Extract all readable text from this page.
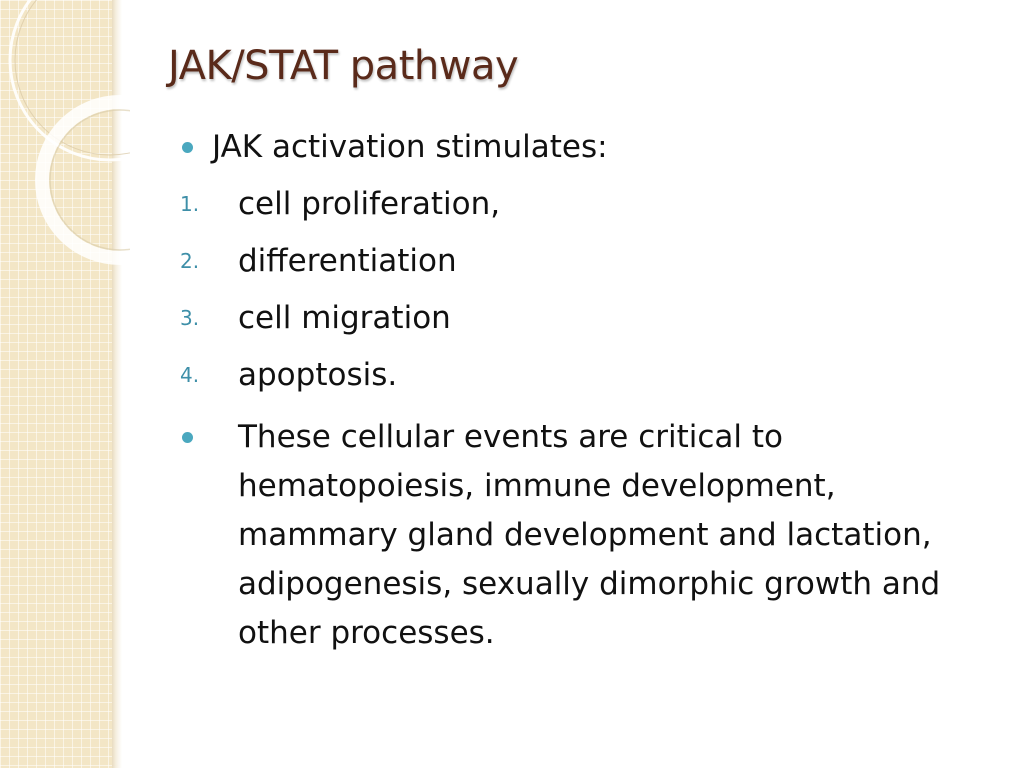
JAK/STAT pathway
JAK activation stimulates:
1. cell proliferation,
2. differentiation
3. cell migration
4. apoptosis.
These cellular events are critical to hematopoiesis, immune development, mammary gland development and lactation, adipogenesis, sexually dimorphic growth and other processes.
